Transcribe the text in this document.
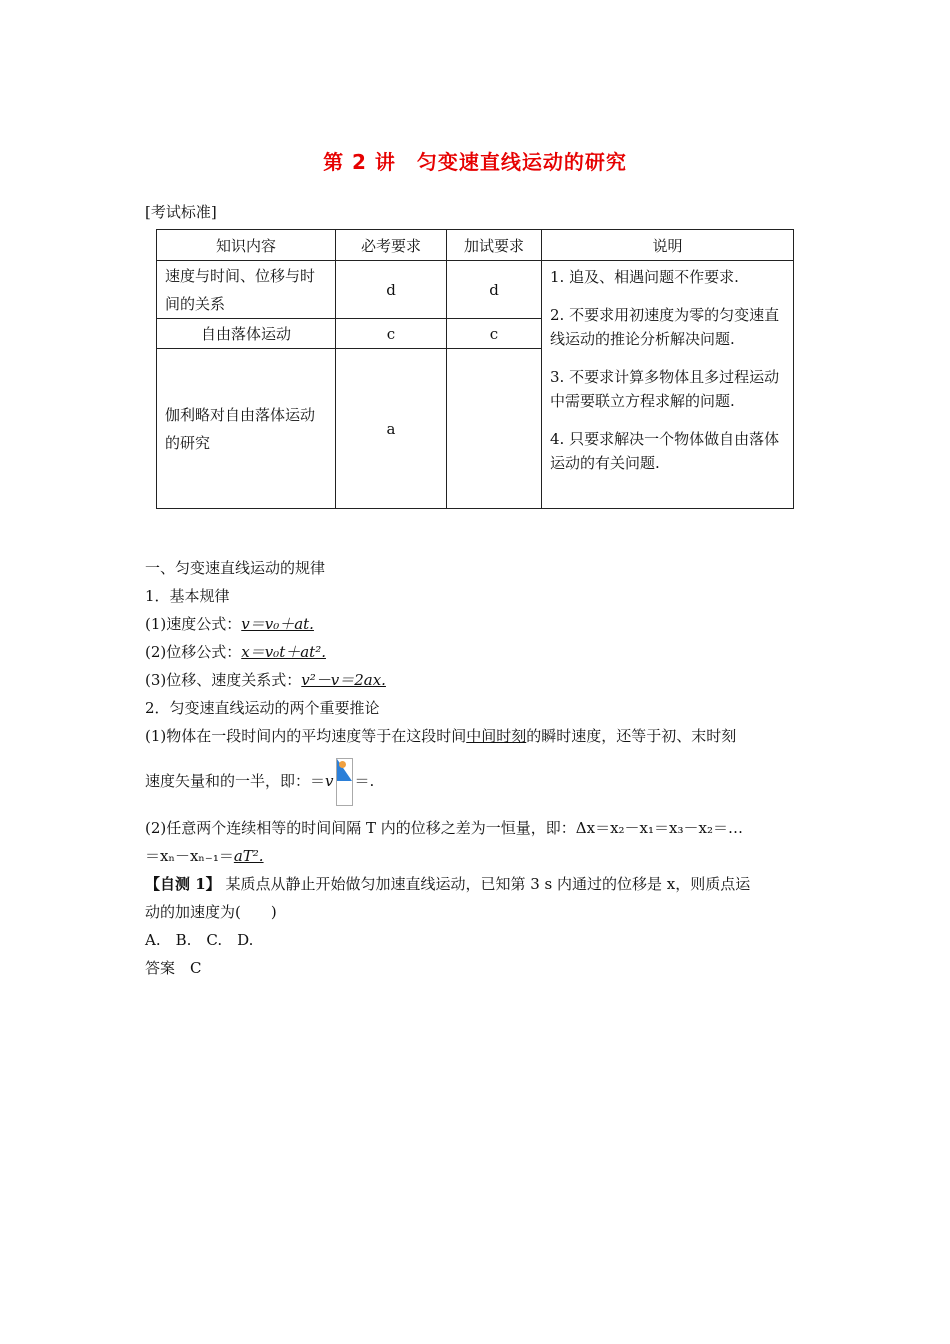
第 2 讲　匀变速直线运动的研究
[考试标准]
知识内容	必考要求	加试要求	说明
速度与时间、位移与时间的关系	d	d	1. 追及、相遇问题不作要求.

2. 不要求用初速度为零的匀变速直线运动的推论分析解决问题.

3. 不要求计算多物体且多过程运动中需要联立方程求解的问题.

4. 只要求解决一个物体做自由落体运动的有关问题.

自由落体运动	c	c	
伽利略对自由落体运动的研究	a		

一、匀变速直线运动的规律

1．基本规律

(1)速度公式：v＝v₀＋at.

(2)位移公式：x＝v₀t＋at².

(3)位移、速度关系式：v²－v＝2ax.

2．匀变速直线运动的两个重要推论

(1)物体在一段时间内的平均速度等于在这段时间中间时刻的瞬时速度，还等于初、末时刻

速度矢量和的一半，即：＝v ＝.

(2)任意两个连续相等的时间间隔 T 内的位移之差为一恒量，即：Δx＝x₂－x₁＝x₃－x₂＝…

＝xₙ－xₙ₋₁＝aT².

【自测 1】 某质点从静止开始做匀加速直线运动，已知第 3 s 内通过的位移是 x，则质点运

动的加速度为(　　)

A.　B.　C.　D.

答案　C
